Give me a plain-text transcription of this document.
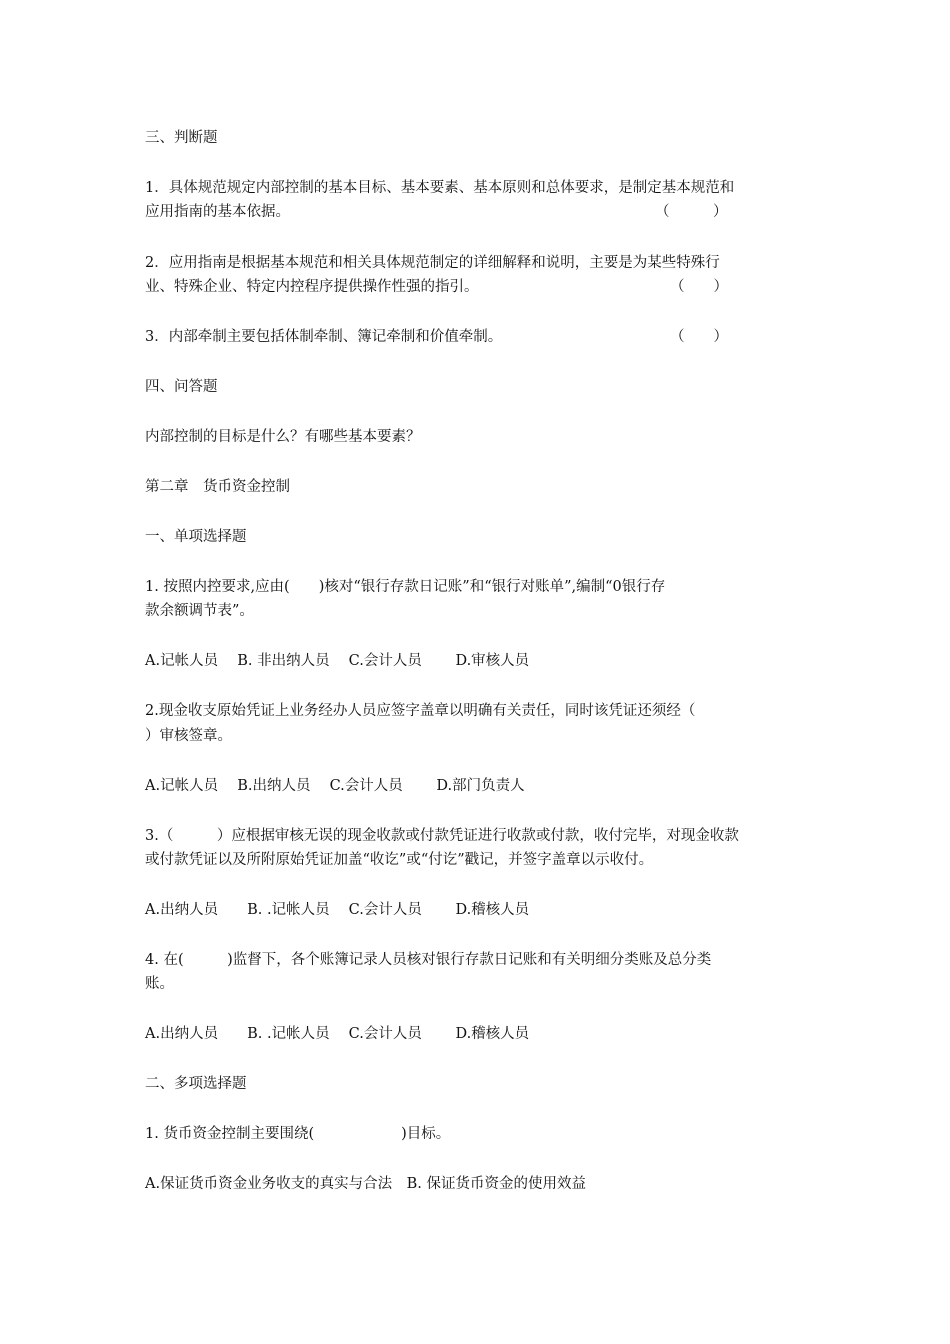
三、判断题

1．具体规范规定内部控制的基本目标、基本要素、基本原则和总体要求，是制定基本规范和

应用指南的基本依据。	（　　　）

2．应用指南是根据基本规范和相关具体规范制定的详细解释和说明，主要是为某些特殊行

业、特殊企业、特定内控程序提供操作性强的指引。	（　　）

3．内部牵制主要包括体制牵制、簿记牵制和价值牵制。	（　　）

四、问答题

内部控制的目标是什么？有哪些基本要素？

第二章　货币资金控制

一、单项选择题

1. 按照内控要求,应由(　　)核对“银行存款日记账”和“银行对账单”,编制“0银行存

款余额调节表”。

A.记帐人员　 B. 非出纳人员　 C.会计人员　　 D.审核人员

2.现金收支原始凭证上业务经办人员应签字盖章以明确有关责任，同时该凭证还须经（

）审核签章。

A.记帐人员　 B.出纳人员　 C.会计人员　　 D.部门负责人

3.（　　　）应根据审核无误的现金收款或付款凭证进行收款或付款，收付完毕，对现金收款

或付款凭证以及所附原始凭证加盖“收讫”或“付讫”戳记，并签字盖章以示收付。

A.出纳人员　　B. .记帐人员　 C.会计人员　　 D.稽核人员

4. 在(　　　)监督下，各个账簿记录人员核对银行存款日记账和有关明细分类账及总分类

账。

A.出纳人员　　B. .记帐人员　 C.会计人员　　 D.稽核人员

二、多项选择题

1. 货币资金控制主要围绕(　　　　　　)目标。

A.保证货币资金业务收支的真实与合法　B. 保证货币资金的使用效益
